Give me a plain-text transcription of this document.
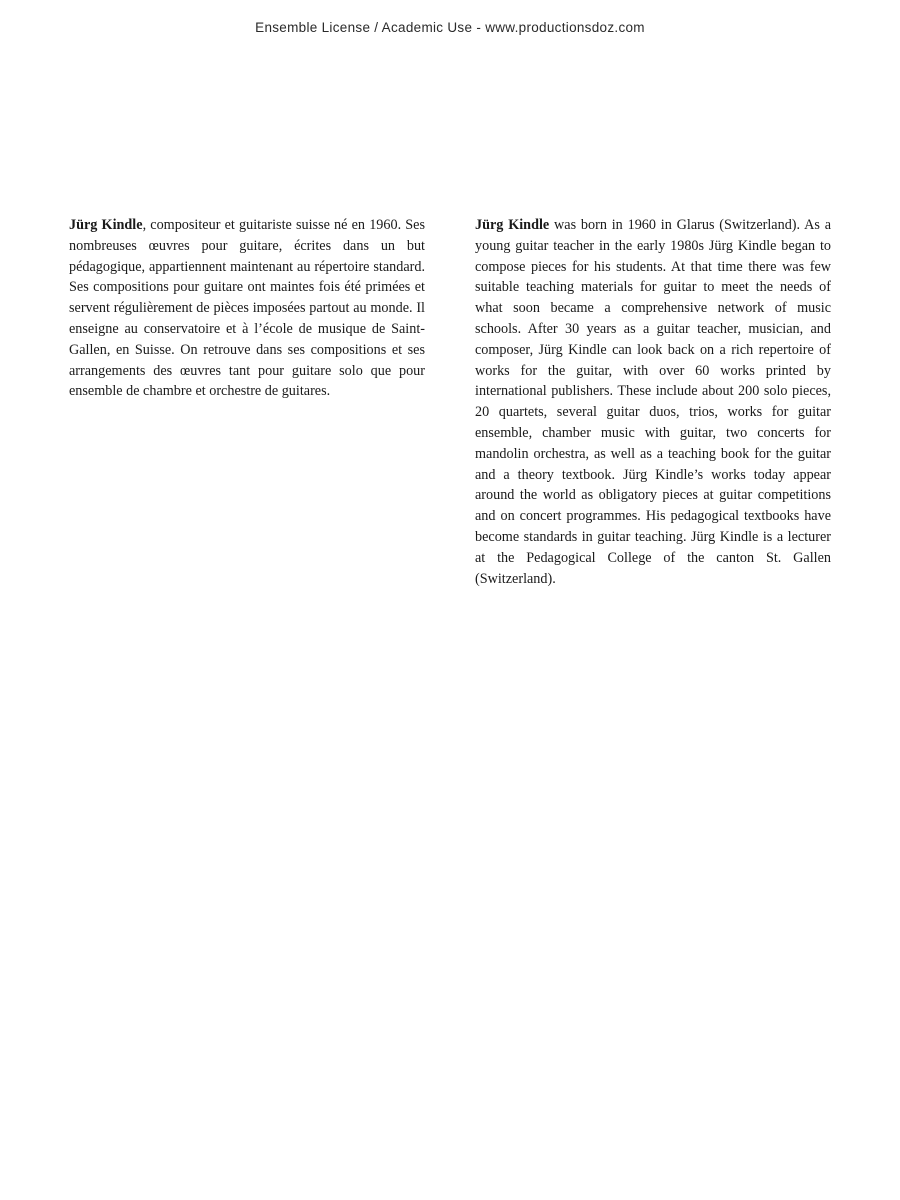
Ensemble License / Academic Use - www.productionsdoz.com

Jürg Kindle, compositeur et guitariste suisse né en 1960. Ses nombreuses œuvres pour guitare, écrites dans un but pédagogique, appartiennent maintenant au répertoire standard. Ses compositions pour guitare ont maintes fois été primées et servent régulièrement de pièces imposées partout au monde. Il enseigne au conservatoire et à l’école de musique de Saint-Gallen, en Suisse. On retrouve dans ses compositions et ses arrangements des œuvres tant pour guitare solo que pour ensemble de chambre et orchestre de guitares.

Jürg Kindle was born in 1960 in Glarus (Switzerland). As a young guitar teacher in the early 1980s Jürg Kindle began to compose pieces for his students. At that time there was few suitable teaching materials for guitar to meet the needs of what soon became a comprehensive network of music schools. After 30 years as a guitar teacher, musician, and composer, Jürg Kindle can look back on a rich repertoire of works for the guitar, with over 60 works printed by international publishers. These include about 200 solo pieces, 20 quartets, several guitar duos, trios, works for guitar ensemble, chamber music with guitar, two concerts for mandolin orchestra, as well as a teaching book for the guitar and a theory textbook. Jürg Kindle’s works today appear around the world as obligatory pieces at guitar competitions and on concert programmes. His pedagogical textbooks have become standards in guitar teaching. Jürg Kindle is a lecturer at the Pedagogical College of the canton St. Gallen (Switzerland).
